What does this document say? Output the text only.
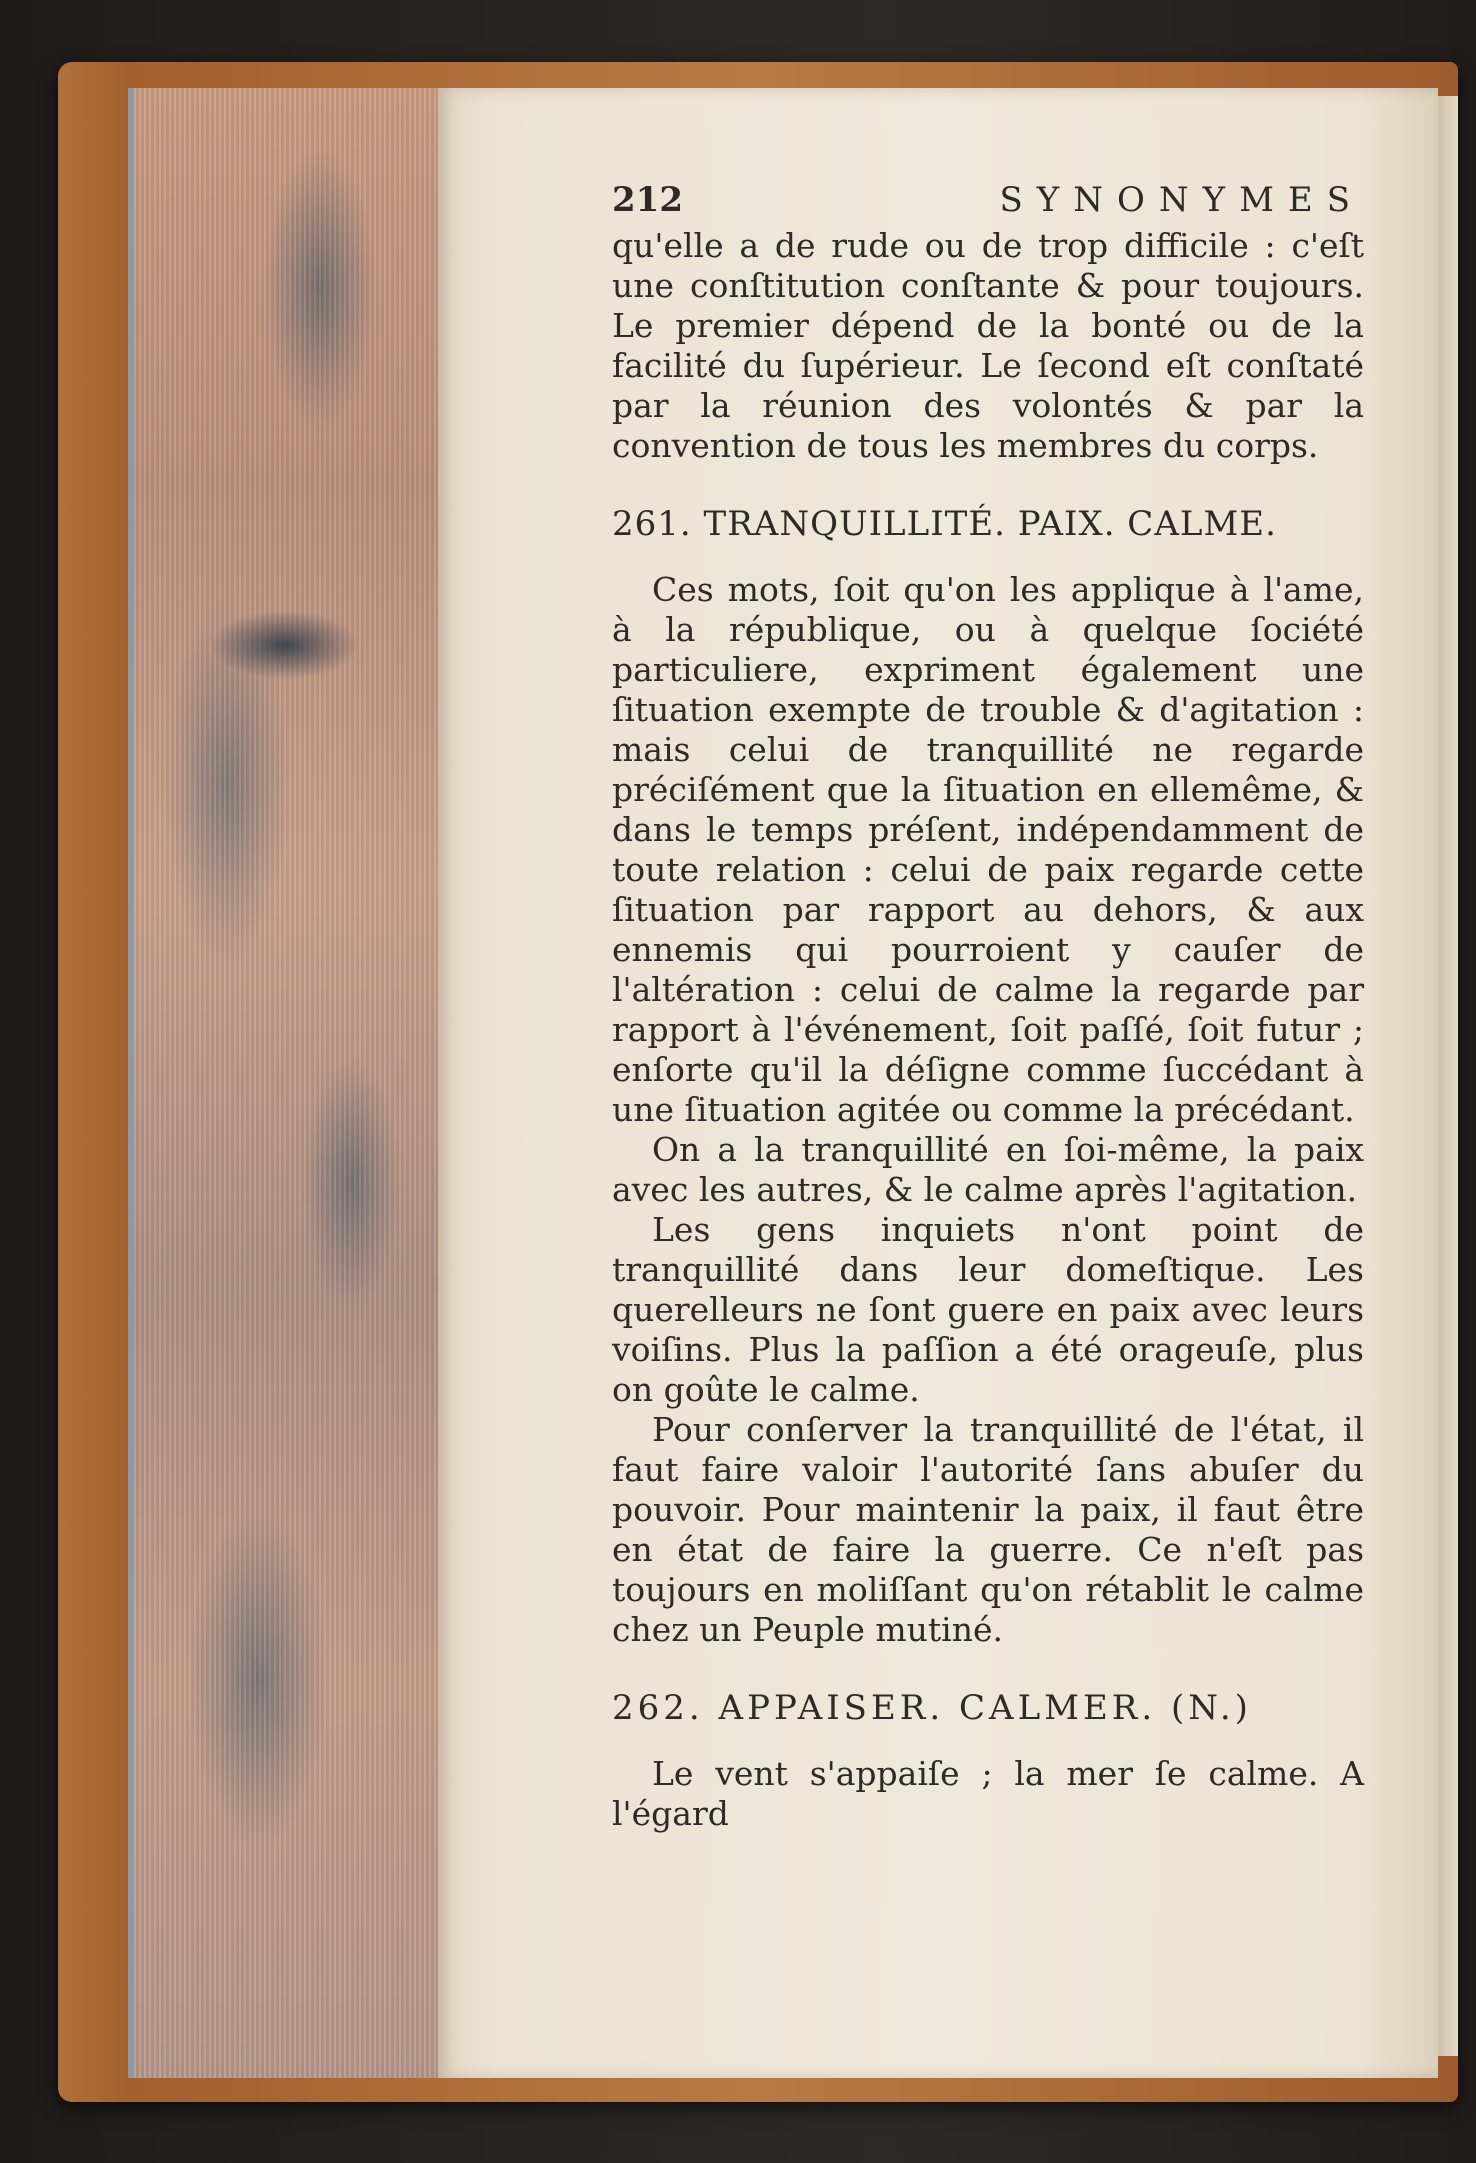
212	SYNONYMES

qu'elle a de rude ou de trop difficile : c'eſt une conſtitution conſtante & pour toujours. Le premier dépend de la bonté ou de la facilité du ſupérieur. Le ſecond eſt conſtaté par la réunion des volontés & par la convention de tous les membres du corps.

261. TRANQUILLITÉ. PAIX. CALME.

Ces mots, ſoit qu'on les applique à l'ame, à la république, ou à quelque ſociété particuliere, expriment également une ſituation exempte de trouble & d'agitation : mais celui de tranquillité ne regarde préciſément que la ſituation en ellemême, & dans le temps préſent, indépendamment de toute relation : celui de paix regarde cette ſituation par rapport au dehors, & aux ennemis qui pourroient y cauſer de l'altération : celui de calme la regarde par rapport à l'événement, ſoit paſſé, ſoit futur ; enſorte qu'il la déſigne comme ſuccédant à une ſituation agitée ou comme la précédant.

On a la tranquillité en ſoi-même, la paix avec les autres, & le calme après l'agitation.

Les gens inquiets n'ont point de tranquillité dans leur domeſtique. Les querelleurs ne ſont guere en paix avec leurs voiſins. Plus la paſſion a été orageuſe, plus on goûte le calme.

Pour conſerver la tranquillité de l'état, il faut faire valoir l'autorité ſans abuſer du pouvoir. Pour maintenir la paix, il faut être en état de faire la guerre. Ce n'eſt pas toujours en moliſſant qu'on rétablit le calme chez un Peuple mutiné.

262. APPAISER. CALMER. (N.)

Le vent s'appaiſe ; la mer ſe calme. A l'égard
